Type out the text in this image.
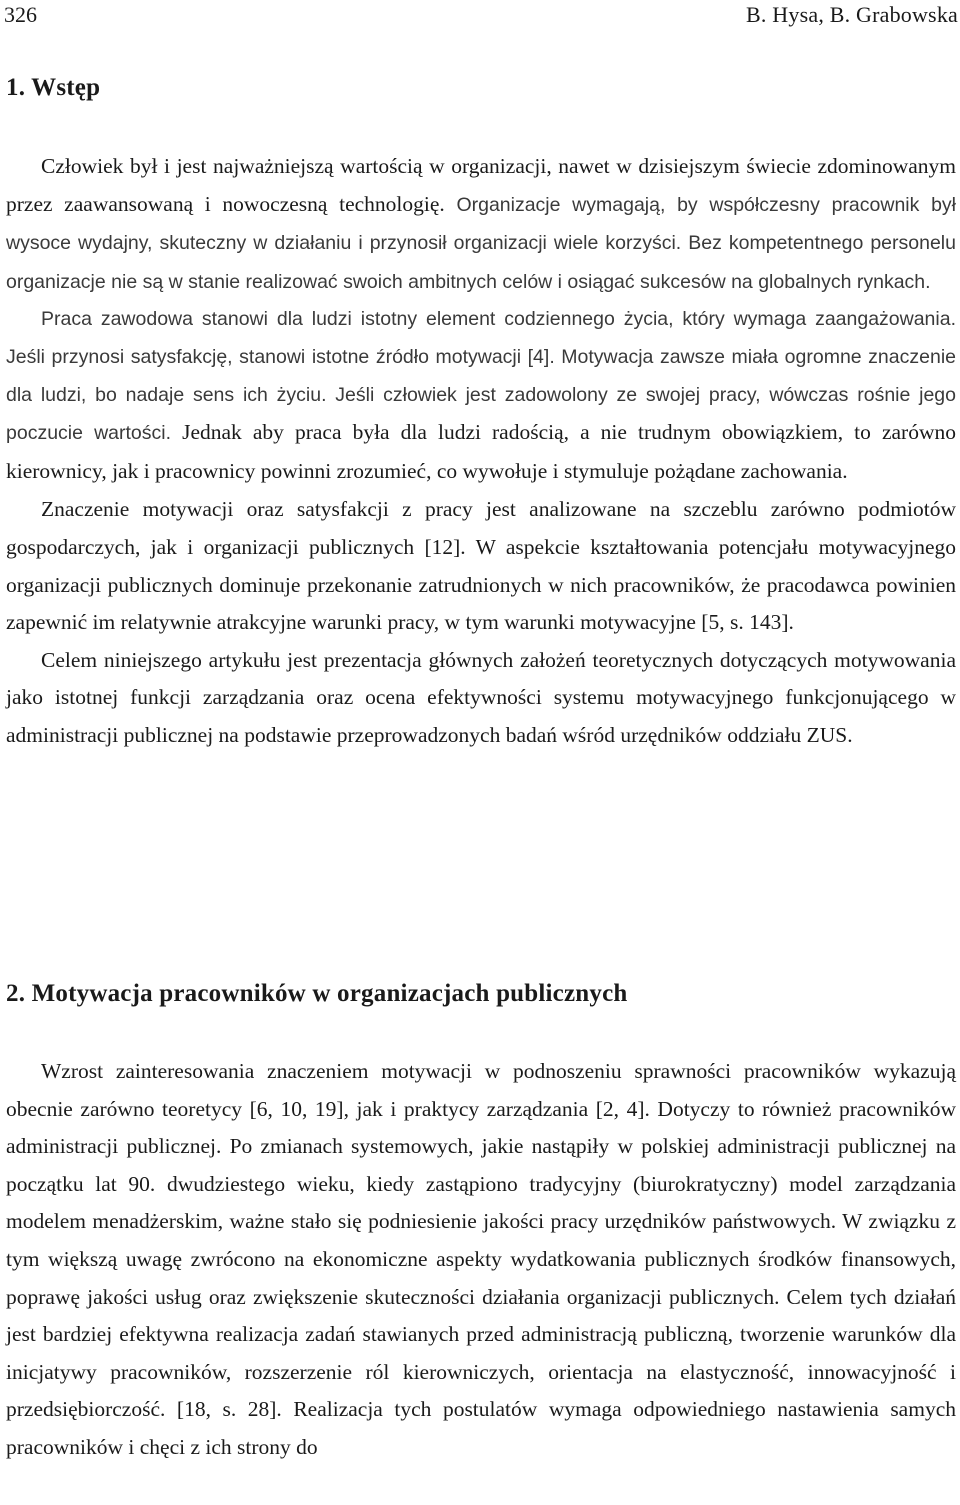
326	B. Hysa, B. Grabowska
1. Wstęp

Człowiek był i jest najważniejszą wartością w organizacji, nawet w dzisiejszym świecie zdominowanym przez zaawansowaną i nowoczesną technologię. Organizacje wymagają, by współczesny pracownik był wysoce wydajny, skuteczny w działaniu i przynosił organizacji wiele korzyści. Bez kompetentnego personelu organizacje nie są w stanie realizować swoich ambitnych celów i osiągać sukcesów na globalnych rynkach.

Praca zawodowa stanowi dla ludzi istotny element codziennego życia, który wymaga zaangażowania. Jeśli przynosi satysfakcję, stanowi istotne źródło motywacji [4]. Motywacja zawsze miała ogromne znaczenie dla ludzi, bo nadaje sens ich życiu. Jeśli człowiek jest zadowolony ze swojej pracy, wówczas rośnie jego poczucie wartości. Jednak aby praca była dla ludzi radością, a nie trudnym obowiązkiem, to zarówno kierownicy, jak i pracownicy powinni zrozumieć, co wywołuje i stymuluje pożądane zachowania.

Znaczenie motywacji oraz satysfakcji z pracy jest analizowane na szczeblu zarówno podmiotów gospodarczych, jak i organizacji publicznych [12]. W aspekcie kształtowania potencjału motywacyjnego organizacji publicznych dominuje przekonanie zatrudnionych w nich pracowników, że pracodawca powinien zapewnić im relatywnie atrakcyjne warunki pracy, w tym warunki motywacyjne [5, s. 143].

Celem niniejszego artykułu jest prezentacja głównych założeń teoretycznych dotyczących motywowania jako istotnej funkcji zarządzania oraz ocena efektywności systemu motywacyjnego funkcjonującego w administracji publicznej na podstawie przeprowadzonych badań wśród urzędników oddziału ZUS.

2. Motywacja pracowników w organizacjach publicznych

Wzrost zainteresowania znaczeniem motywacji w podnoszeniu sprawności pracowników wykazują obecnie zarówno teoretycy [6, 10, 19], jak i praktycy zarządzania [2, 4]. Dotyczy to również pracowników administracji publicznej. Po zmianach systemowych, jakie nastąpiły w polskiej administracji publicznej na początku lat 90. dwudziestego wieku, kiedy zastąpiono tradycyjny (biurokratyczny) model zarządzania modelem menadżerskim, ważne stało się podniesienie jakości pracy urzędników państwowych. W związku z tym większą uwagę zwrócono na ekonomiczne aspekty wydatkowania publicznych środków finansowych, poprawę jakości usług oraz zwiększenie skuteczności działania organizacji publicznych. Celem tych działań jest bardziej efektywna realizacja zadań stawianych przed administracją publiczną, tworzenie warunków dla inicjatywy pracowników, rozszerzenie ról kierowniczych, orientacja na elastyczność, innowacyjność i przedsiębiorczość. [18, s. 28]. Realizacja tych postulatów wymaga odpowiedniego nastawienia samych pracowników i chęci z ich strony do
